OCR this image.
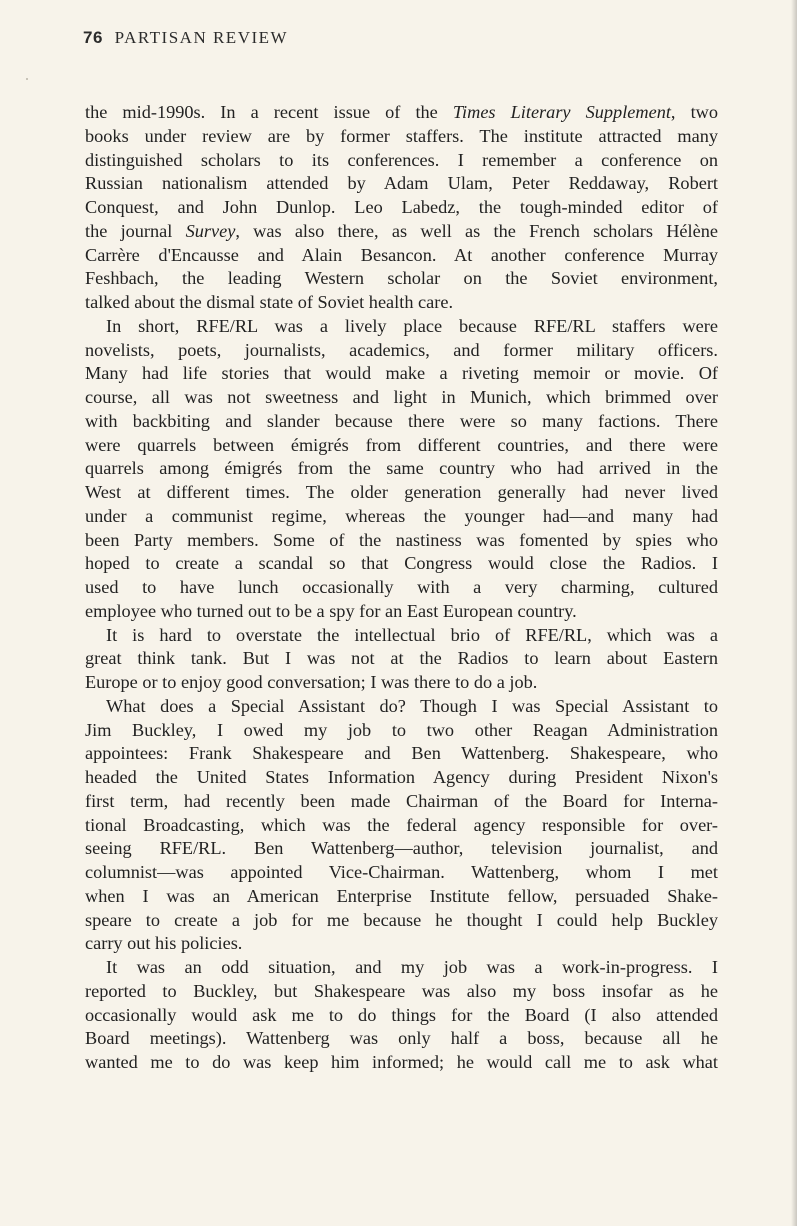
76 PARTISAN REVIEW
the mid-1990s. In a recent issue of the Times Literary Supplement, two
books under review are by former staffers. The institute attracted many
distinguished scholars to its conferences. I remember a conference on
Russian nationalism attended by Adam Ulam, Peter Reddaway, Robert
Conquest, and John Dunlop. Leo Labedz, the tough-minded editor of
the journal Survey, was also there, as well as the French scholars Hélène
Carrère d'Encausse and Alain Besancon. At another conference Murray
Feshbach, the leading Western scholar on the Soviet environment,
talked about the dismal state of Soviet health care.
In short, RFE/RL was a lively place because RFE/RL staffers were
novelists, poets, journalists, academics, and former military officers.
Many had life stories that would make a riveting memoir or movie. Of
course, all was not sweetness and light in Munich, which brimmed over
with backbiting and slander because there were so many factions. There
were quarrels between émigrés from different countries, and there were
quarrels among émigrés from the same country who had arrived in the
West at different times. The older generation generally had never lived
under a communist regime, whereas the younger had—and many had
been Party members. Some of the nastiness was fomented by spies who
hoped to create a scandal so that Congress would close the Radios. I
used to have lunch occasionally with a very charming, cultured
employee who turned out to be a spy for an East European country.
It is hard to overstate the intellectual brio of RFE/RL, which was a
great think tank. But I was not at the Radios to learn about Eastern
Europe or to enjoy good conversation; I was there to do a job.
What does a Special Assistant do? Though I was Special Assistant to
Jim Buckley, I owed my job to two other Reagan Administration
appointees: Frank Shakespeare and Ben Wattenberg. Shakespeare, who
headed the United States Information Agency during President Nixon's
first term, had recently been made Chairman of the Board for Interna-
tional Broadcasting, which was the federal agency responsible for over-
seeing RFE/RL. Ben Wattenberg—author, television journalist, and
columnist—was appointed Vice-Chairman. Wattenberg, whom I met
when I was an American Enterprise Institute fellow, persuaded Shake-
speare to create a job for me because he thought I could help Buckley
carry out his policies.
It was an odd situation, and my job was a work-in-progress. I
reported to Buckley, but Shakespeare was also my boss insofar as he
occasionally would ask me to do things for the Board (I also attended
Board meetings). Wattenberg was only half a boss, because all he
wanted me to do was keep him informed; he would call me to ask what
